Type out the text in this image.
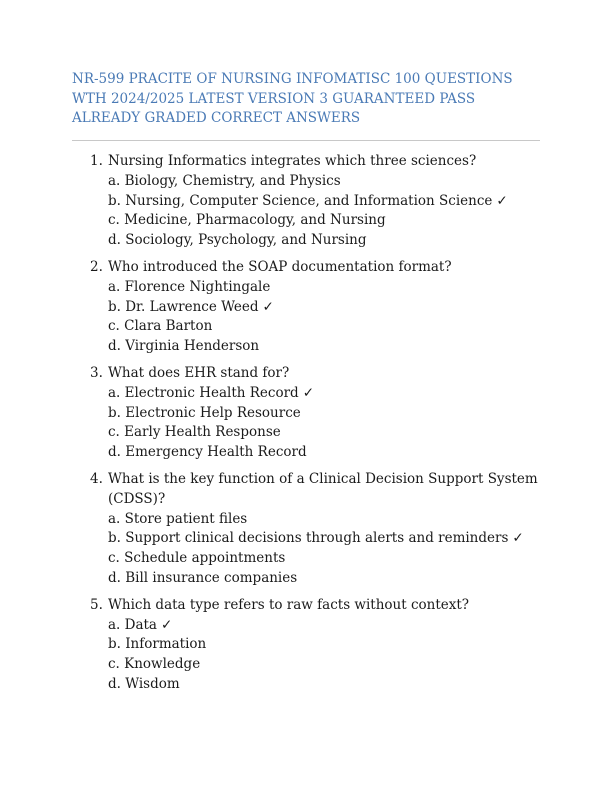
NR-599 PRACITE OF NURSING INFOMATISC 100 QUESTIONS
WTH 2024/2025 LATEST VERSION 3 GUARANTEED PASS
ALREADY GRADED CORRECT ANSWERS
1. Nursing Informatics integrates which three sciences?
a. Biology, Chemistry, and Physics
b. Nursing, Computer Science, and Information Science ✓
c. Medicine, Pharmacology, and Nursing
d. Sociology, Psychology, and Nursing
2. Who introduced the SOAP documentation format?
a. Florence Nightingale
b. Dr. Lawrence Weed ✓
c. Clara Barton
d. Virginia Henderson
3. What does EHR stand for?
a. Electronic Health Record ✓
b. Electronic Help Resource
c. Early Health Response
d. Emergency Health Record
4. What is the key function of a Clinical Decision Support System (CDSS)?
a. Store patient files
b. Support clinical decisions through alerts and reminders ✓
c. Schedule appointments
d. Bill insurance companies
5. Which data type refers to raw facts without context?
a. Data ✓
b. Information
c. Knowledge
d. Wisdom
